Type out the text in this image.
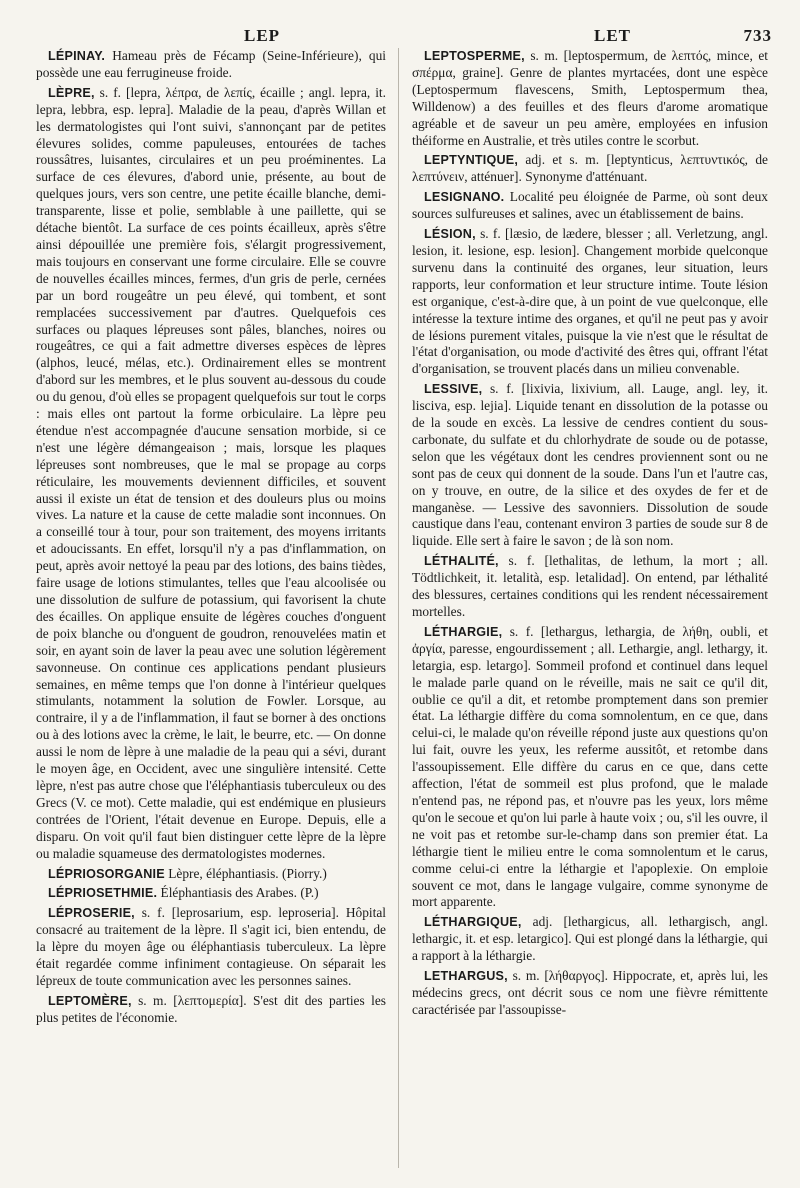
LEP	LET	733

LÉPINAY. Hameau près de Fécamp (Seine-Inférieure), qui possède une eau ferrugineuse froide.

LÈPRE, s. f. [lepra, λέπρα, de λεπίς, écaille ; angl. lepra, it. lepra, lebbra, esp. lepra]. Maladie de la peau, d'après Willan et les dermatologistes qui l'ont suivi, s'annonçant par de petites élevures solides, comme papuleuses, entourées de taches roussâtres, luisantes, circulaires et un peu proéminentes. La surface de ces élevures, d'abord unie, présente, au bout de quelques jours, vers son centre, une petite écaille blanche, demi-transparente, lisse et polie, semblable à une paillette, qui se détache bientôt. La surface de ces points écailleux, après s'être ainsi dépouillée une première fois, s'élargit progressivement, mais toujours en conservant une forme circulaire. Elle se couvre de nouvelles écailles minces, fermes, d'un gris de perle, cernées par un bord rougeâtre un peu élevé, qui tombent, et sont remplacées successivement par d'autres. Quelquefois ces surfaces ou plaques lépreuses sont pâles, blanches, noires ou rougeâtres, ce qui a fait admettre diverses espèces de lèpres (alphos, leucé, mélas, etc.). Ordinairement elles se montrent d'abord sur les membres, et le plus souvent au-dessous du coude ou du genou, d'où elles se propagent quelquefois sur tout le corps : mais elles ont partout la forme orbiculaire. La lèpre peu étendue n'est accompagnée d'aucune sensation morbide, si ce n'est une légère démangeaison ; mais, lorsque les plaques lépreuses sont nombreuses, que le mal se propage au corps réticulaire, les mouvements deviennent difficiles, et souvent aussi il existe un état de tension et des douleurs plus ou moins vives. La nature et la cause de cette maladie sont inconnues. On a conseillé tour à tour, pour son traitement, des moyens irritants et adoucissants. En effet, lorsqu'il n'y a pas d'inflammation, on peut, après avoir nettoyé la peau par des lotions, des bains tièdes, faire usage de lotions stimulantes, telles que l'eau alcoolisée ou une dissolution de sulfure de potassium, qui favorisent la chute des écailles. On applique ensuite de légères couches d'onguent de poix blanche ou d'onguent de goudron, renouvelées matin et soir, en ayant soin de laver la peau avec une solution légèrement savonneuse. On continue ces applications pendant plusieurs semaines, en même temps que l'on donne à l'intérieur quelques stimulants, notamment la solution de Fowler. Lorsque, au contraire, il y a de l'inflammation, il faut se borner à des onctions ou à des lotions avec la crème, le lait, le beurre, etc. — On donne aussi le nom de lèpre à une maladie de la peau qui a sévi, durant le moyen âge, en Occident, avec une singulière intensité. Cette lèpre, n'est pas autre chose que l'éléphantiasis tuberculeux ou des Grecs (V. ce mot). Cette maladie, qui est endémique en plusieurs contrées de l'Orient, l'était devenue en Europe. Depuis, elle a disparu. On voit qu'il faut bien distinguer cette lèpre de la lèpre ou maladie squameuse des dermatologistes modernes.

LÉPRIOSORGANIE Lèpre, éléphantiasis. (Piorry.)

LÉPRIOSETHMIE. Éléphantiasis des Arabes. (P.)

LÉPROSERIE, s. f. [leprosarium, esp. leproseria]. Hôpital consacré au traitement de la lèpre. Il s'agit ici, bien entendu, de la lèpre du moyen âge ou éléphantiasis tuberculeux. La lèpre était regardée comme infiniment contagieuse. On séparait les lépreux de toute communication avec les personnes saines.

LEPTOMÈRE, s. m. [λεπτομερία]. S'est dit des parties les plus petites de l'économie.

LEPTOSPERME, s. m. [leptospermum, de λεπτός, mince, et σπέρμα, graine]. Genre de plantes myrtacées, dont une espèce (Leptospermum flavescens, Smith, Leptospermum thea, Willdenow) a des feuilles et des fleurs d'arome aromatique agréable et de saveur un peu amère, employées en infusion théiforme en Australie, et très utiles contre le scorbut.

LEPTYNTIQUE, adj. et s. m. [leptynticus, λεπτυντικός, de λεπτύνειν, atténuer]. Synonyme d'atténuant.

LESIGNANO. Localité peu éloignée de Parme, où sont deux sources sulfureuses et salines, avec un établissement de bains.

LÉSION, s. f. [læsio, de lædere, blesser ; all. Verletzung, angl. lesion, it. lesione, esp. lesion]. Changement morbide quelconque survenu dans la continuité des organes, leur situation, leurs rapports, leur conformation et leur structure intime. Toute lésion est organique, c'est-à-dire que, à un point de vue quelconque, elle intéresse la texture intime des organes, et qu'il ne peut pas y avoir de lésions purement vitales, puisque la vie n'est que le résultat de l'état d'organisation, ou mode d'activité des êtres qui, offrant l'état d'organisation, se trouvent placés dans un milieu convenable.

LESSIVE, s. f. [lixivia, lixivium, all. Lauge, angl. ley, it. lisciva, esp. lejia]. Liquide tenant en dissolution de la potasse ou de la soude en excès. La lessive de cendres contient du sous-carbonate, du sulfate et du chlorhydrate de soude ou de potasse, selon que les végétaux dont les cendres proviennent sont ou ne sont pas de ceux qui donnent de la soude. Dans l'un et l'autre cas, on y trouve, en outre, de la silice et des oxydes de fer et de manganèse. — Lessive des savonniers. Dissolution de soude caustique dans l'eau, contenant environ 3 parties de soude sur 8 de liquide. Elle sert à faire le savon ; de là son nom.

LÉTHALITÉ, s. f. [lethalitas, de lethum, la mort ; all. Tödtlichkeit, it. letalità, esp. letalidad]. On entend, par léthalité des blessures, certaines conditions qui les rendent nécessairement mortelles.

LÉTHARGIE, s. f. [lethargus, lethargia, de λήθη, oubli, et ἀργία, paresse, engourdissement ; all. Lethargie, angl. lethargy, it. letargia, esp. letargo]. Sommeil profond et continuel dans lequel le malade parle quand on le réveille, mais ne sait ce qu'il dit, oublie ce qu'il a dit, et retombe promptement dans son premier état. La léthargie diffère du coma somnolentum, en ce que, dans celui-ci, le malade qu'on réveille répond juste aux questions qu'on lui fait, ouvre les yeux, les referme aussitôt, et retombe dans l'assoupissement. Elle diffère du carus en ce que, dans cette affection, l'état de sommeil est plus profond, que le malade n'entend pas, ne répond pas, et n'ouvre pas les yeux, lors même qu'on le secoue et qu'on lui parle à haute voix ; ou, s'il les ouvre, il ne voit pas et retombe sur-le-champ dans son premier état. La léthargie tient le milieu entre le coma somnolentum et le carus, comme celui-ci entre la léthargie et l'apoplexie. On emploie souvent ce mot, dans le langage vulgaire, comme synonyme de mort apparente.

LÉTHARGIQUE, adj. [lethargicus, all. lethargisch, angl. lethargic, it. et esp. letargico]. Qui est plongé dans la léthargie, qui a rapport à la léthargie.

LETHARGUS, s. m. [λήθαργος]. Hippocrate, et, après lui, les médecins grecs, ont décrit sous ce nom une fièvre rémittente caractérisée par l'assoupisse-
